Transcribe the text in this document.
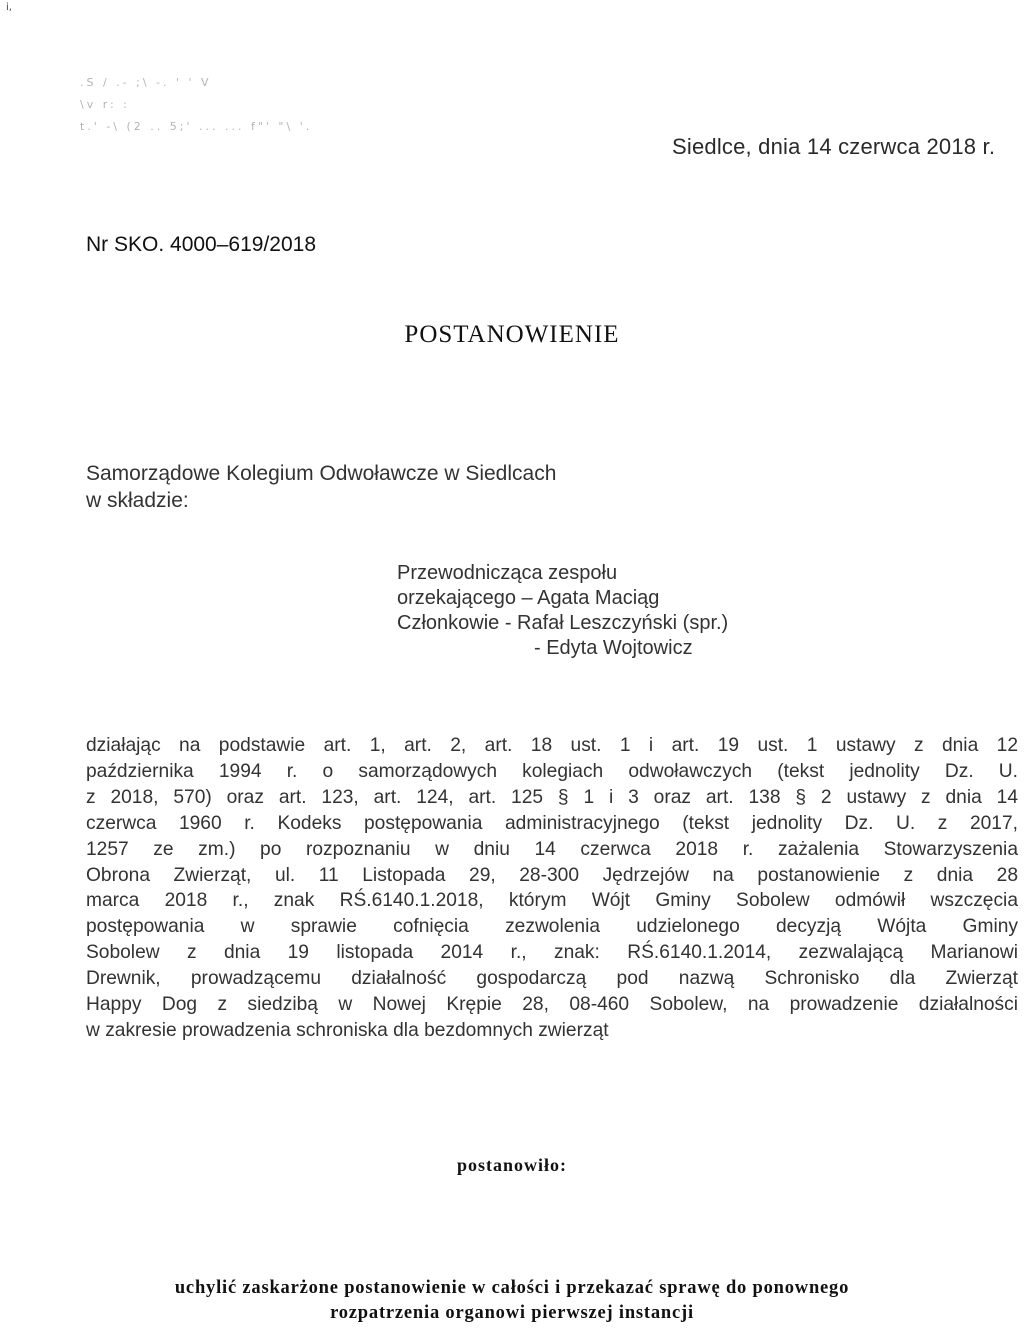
i,
.S / .- ;\ -. ' ' V
\v r: :
t.' -\ (2 .. 5;' ... ... f"' "\ '.
Siedlce, dnia 14 czerwca 2018 r.
Nr SKO. 4000–619/2018
POSTANOWIENIE
Samorządowe Kolegium Odwoławcze w Siedlcach
w składzie:
Przewodnicząca zespołu
orzekającego – Agata Maciąg
Członkowie - Rafał Leszczyński (spr.)
- Edyta Wojtowicz
działając na podstawie art. 1, art. 2, art. 18 ust. 1 i art. 19 ust. 1 ustawy z dnia 12
października 1994 r. o samorządowych kolegiach odwoławczych (tekst jednolity Dz. U.
z 2018, 570) oraz art. 123, art. 124, art. 125 § 1 i 3 oraz art. 138 § 2 ustawy z dnia 14
czerwca 1960 r. Kodeks postępowania administracyjnego (tekst jednolity Dz. U. z 2017,
1257 ze zm.) po rozpoznaniu w dniu 14 czerwca 2018 r. zażalenia Stowarzyszenia
Obrona Zwierząt, ul. 11 Listopada 29, 28-300 Jędrzejów na postanowienie z dnia 28
marca 2018 r., znak RŚ.6140.1.2018, którym Wójt Gminy Sobolew odmówił wszczęcia
postępowania w sprawie cofnięcia zezwolenia udzielonego decyzją Wójta Gminy
Sobolew z dnia 19 listopada 2014 r., znak: RŚ.6140.1.2014, zezwalającą Marianowi
Drewnik, prowadzącemu działalność gospodarczą pod nazwą Schronisko dla Zwierząt
Happy Dog z siedzibą w Nowej Krępie 28, 08-460 Sobolew, na prowadzenie działalności
w zakresie prowadzenia schroniska dla bezdomnych zwierząt
postanowiło:
uchylić zaskarżone postanowienie w całości i przekazać sprawę do ponownego
rozpatrzenia organowi pierwszej instancji
